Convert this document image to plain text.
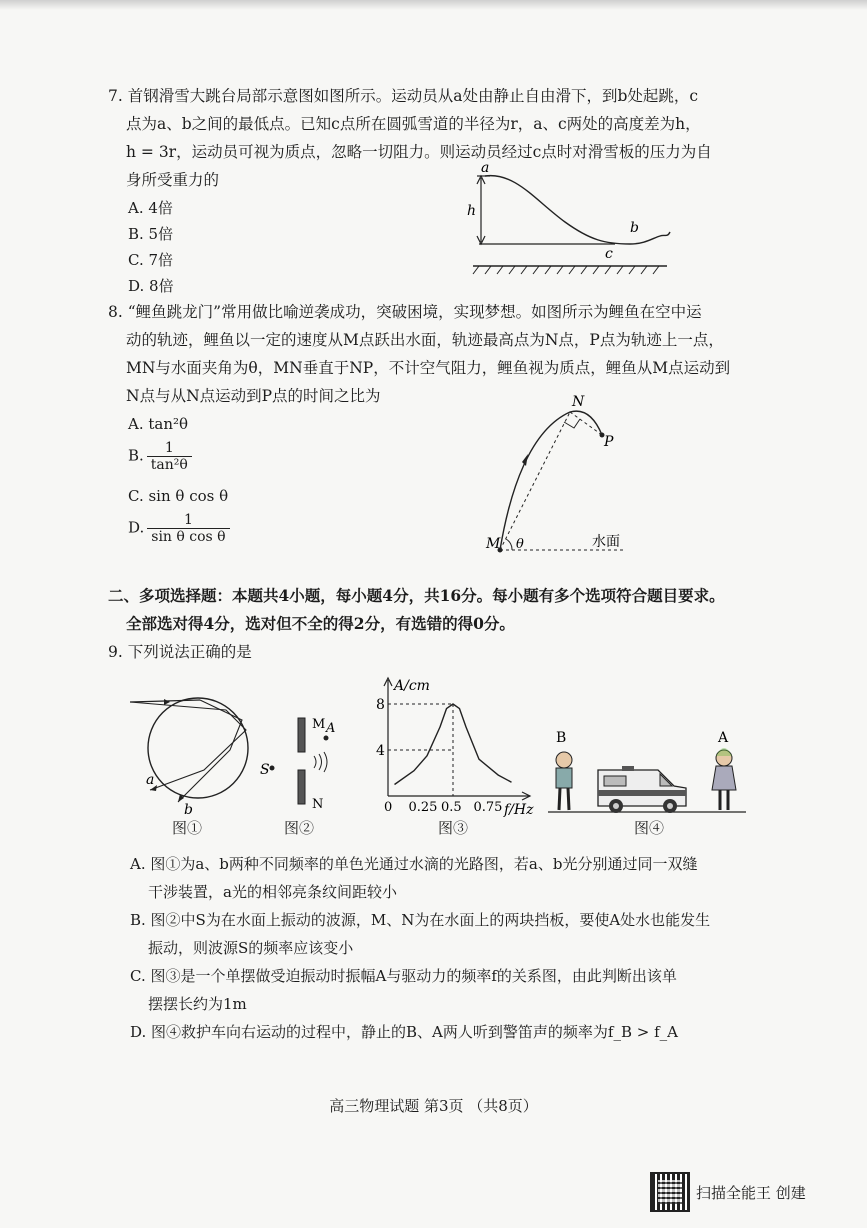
7. 首钢滑雪大跳台局部示意图如图所示。运动员从a处由静止自由滑下，到b处起跳，c
点为a、b之间的最低点。已知c点所在圆弧雪道的半径为r，a、c两处的高度差为h，
h = 3r，运动员可视为质点，忽略一切阻力。则运动员经过c点时对滑雪板的压力为自
身所受重力的
A. 4倍
B. 5倍
C. 7倍
D. 8倍
a
h
b
c
8. “鲤鱼跳龙门”常用做比喻逆袭成功，突破困境，实现梦想。如图所示为鲤鱼在空中运
动的轨迹，鲤鱼以一定的速度从M点跃出水面，轨迹最高点为N点，P点为轨迹上一点，
MN与水面夹角为θ，MN垂直于NP，不计空气阻力，鲤鱼视为质点，鲤鱼从M点运动到
N点与从N点运动到P点的时间之比为
A. tan²θ
B. $\frac{1}{\text{tan²θ}}$
C. sin θ cos θ
D. $\frac{1}{\text{sin θ cos θ}}$	M θ
N
P
水面
二、多项选择题：本题共4小题，每小题4分，共16分。每小题有多个选项符合题目要求。
全部选对得4分，选对但不全的得2分，有选错的得0分。
9. 下列说法正确的是
a
b
图①
S
M A
N
图②
4
8
0 0.25 0.5 0.75
A/cm
f/Hz
图③
B	A
图④
A. 图①为a、b两种不同频率的单色光通过水滴的光路图，若a、b光分别通过同一双缝
干涉装置，a光的相邻亮条纹间距较小
B. 图②中S为在水面上振动的波源，M、N为在水面上的两块挡板，要使A处水也能发生
振动，则波源S的频率应该变小
C. 图③是一个单摆做受迫振动时振幅A与驱动力的频率f的关系图，由此判断出该单
摆摆长约为1m
D. 图④救护车向右运动的过程中，静止的B、A两人听到警笛声的频率为f_B > f_A
高三物理试题 第3页 （共8页）
扫描全能王 创建
